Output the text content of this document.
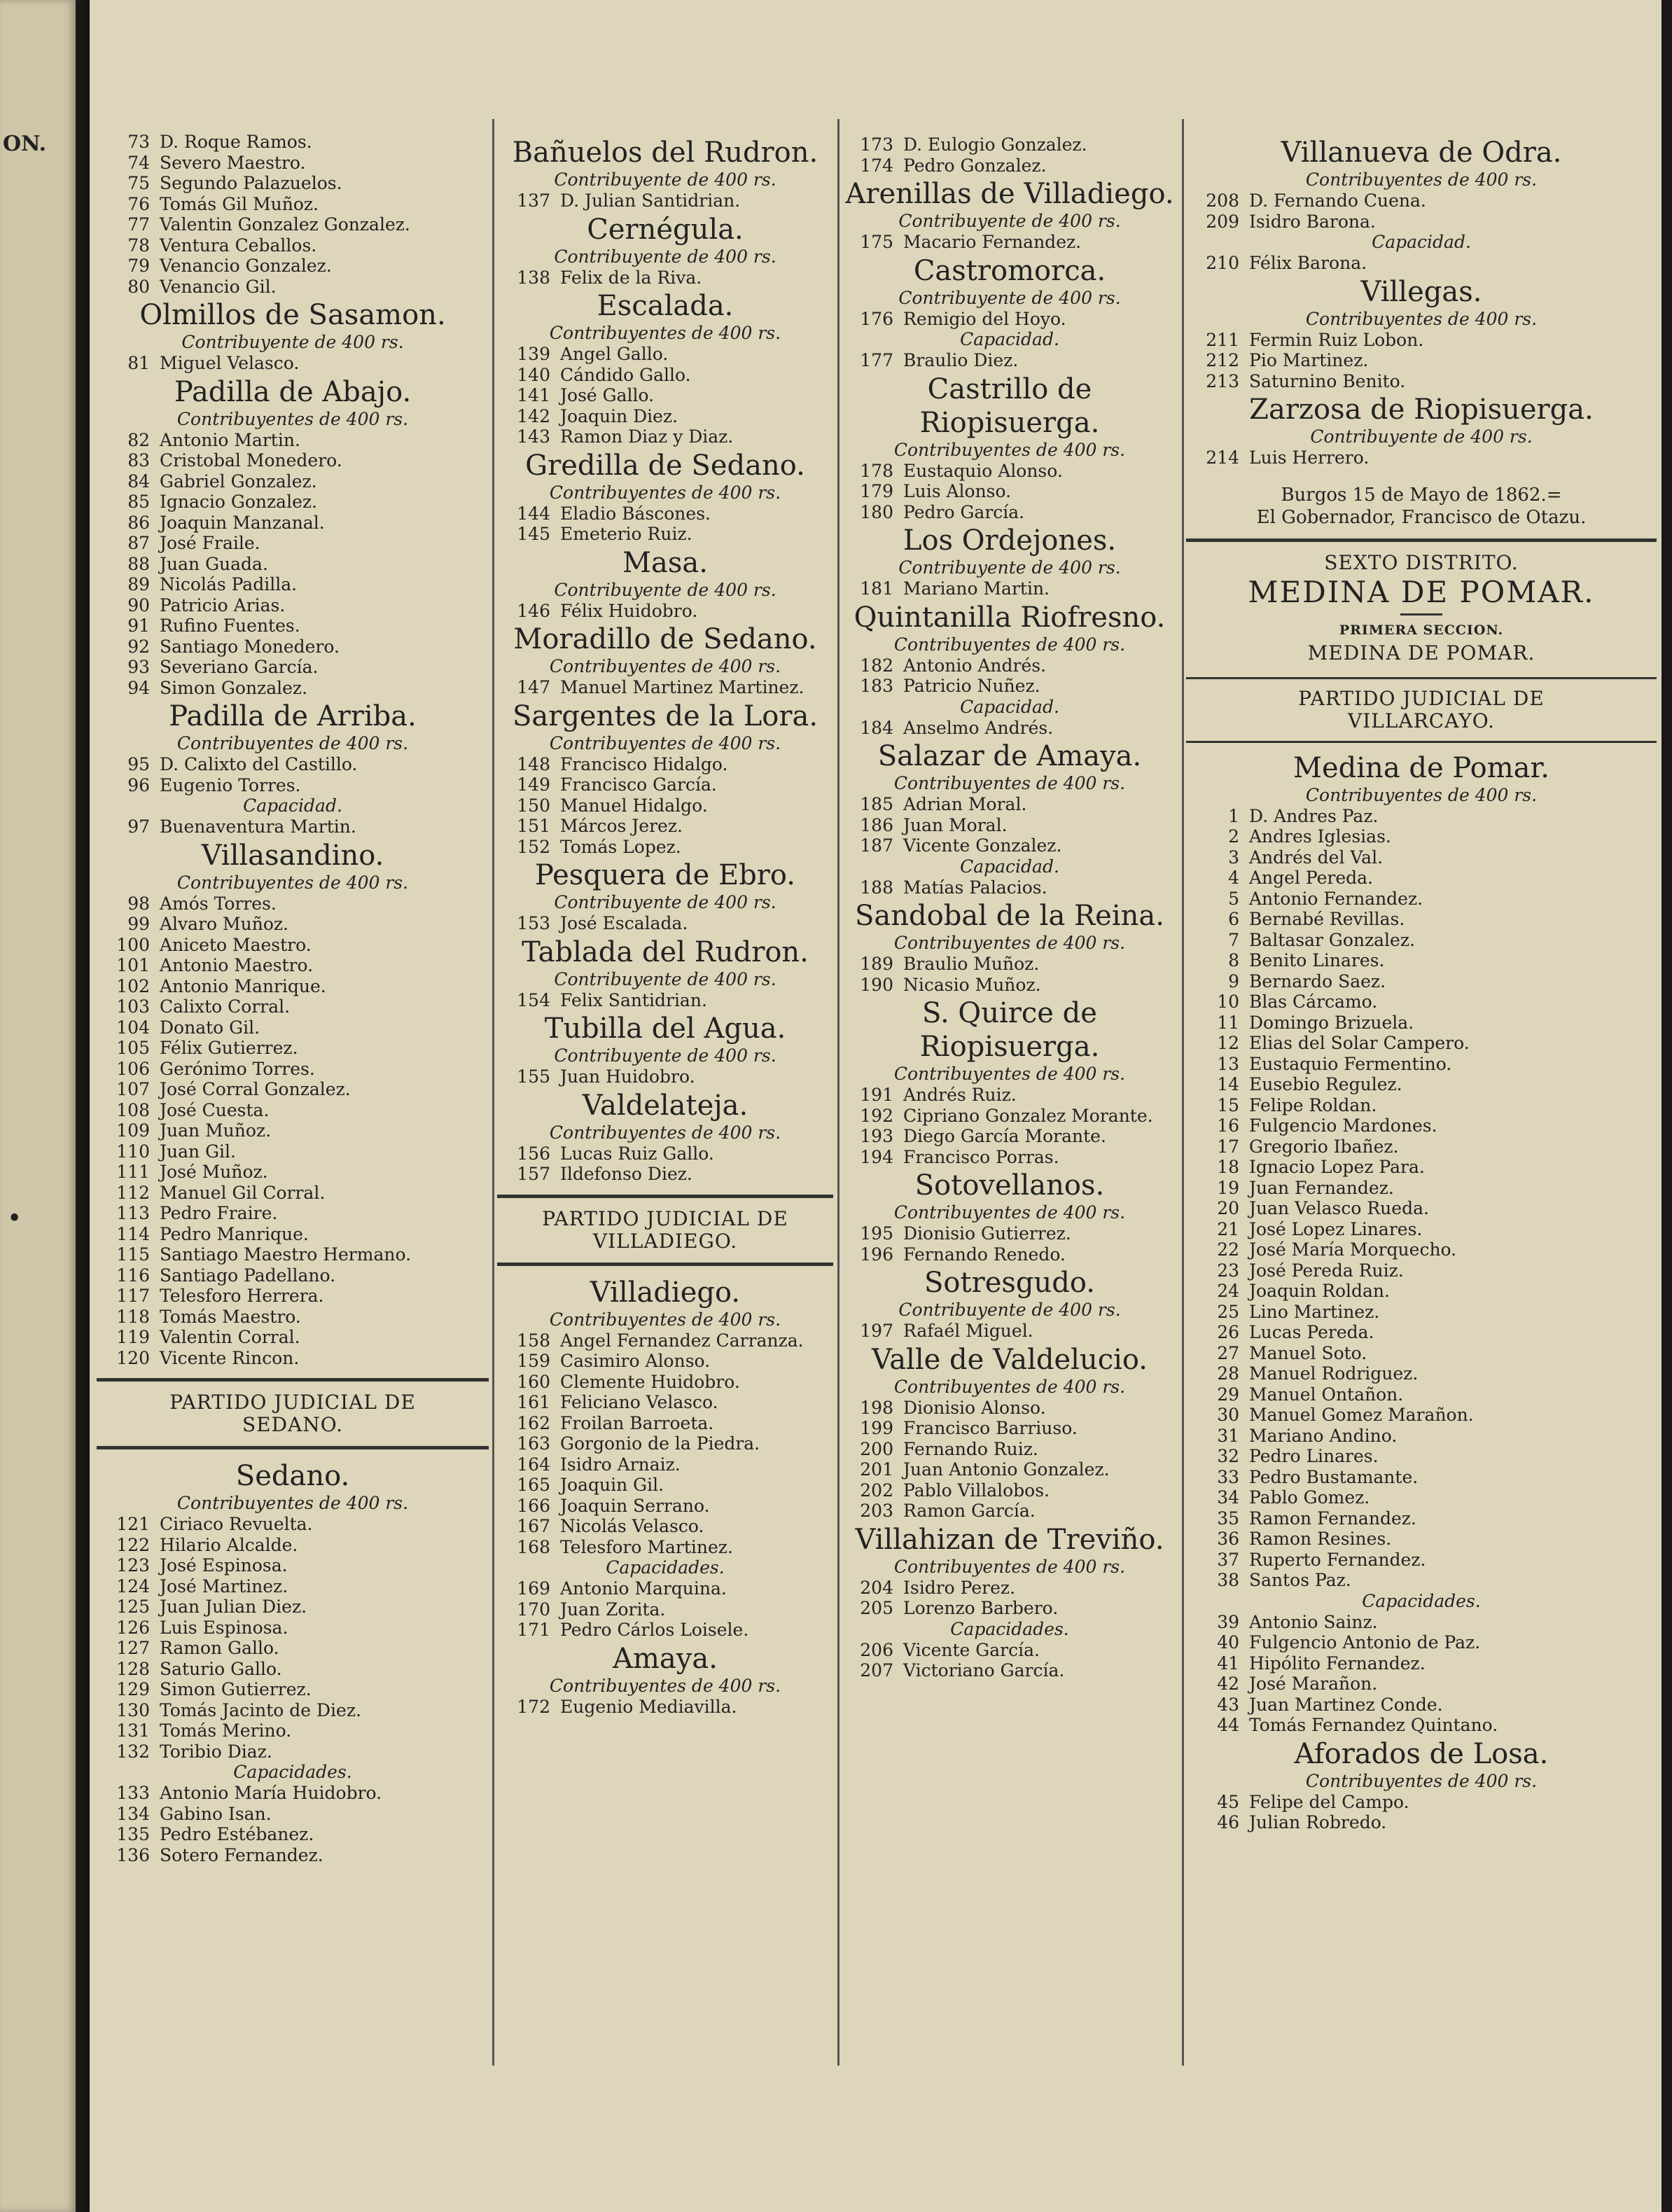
ON.
•
73 D. Roque Ramos.
74 Severo Maestro.
75 Segundo Palazuelos.
76 Tomás Gil Muñoz.
77 Valentin Gonzalez Gonzalez.
78 Ventura Ceballos.
79 Venancio Gonzalez.
80 Venancio Gil.
Olmillos de Sasamon.
Contribuyente de 400 rs.
81 Miguel Velasco.
Padilla de Abajo.
Contribuyentes de 400 rs.
82 Antonio Martin.
83 Cristobal Monedero.
84 Gabriel Gonzalez.
85 Ignacio Gonzalez.
86 Joaquin Manzanal.
87 José Fraile.
88 Juan Guada.
89 Nicolás Padilla.
90 Patricio Arias.
91 Rufino Fuentes.
92 Santiago Monedero.
93 Severiano García.
94 Simon Gonzalez.
Padilla de Arriba.
Contribuyentes de 400 rs.
95 D. Calixto del Castillo.
96 Eugenio Torres.
Capacidad.
97 Buenaventura Martin.
Villasandino.
Contribuyentes de 400 rs.
98 Amós Torres.
99 Alvaro Muñoz.
100 Aniceto Maestro.
101 Antonio Maestro.
102 Antonio Manrique.
103 Calixto Corral.
104 Donato Gil.
105 Félix Gutierrez.
106 Gerónimo Torres.
107 José Corral Gonzalez.
108 José Cuesta.
109 Juan Muñoz.
110 Juan Gil.
111 José Muñoz.
112 Manuel Gil Corral.
113 Pedro Fraire.
114 Pedro Manrique.
115 Santiago Maestro Hermano.
116 Santiago Padellano.
117 Telesforo Herrera.
118 Tomás Maestro.
119 Valentin Corral.
120 Vicente Rincon.
PARTIDO JUDICIAL DE
SEDANO.
Sedano.
Contribuyentes de 400 rs.
121 Ciriaco Revuelta.
122 Hilario Alcalde.
123 José Espinosa.
124 José Martinez.
125 Juan Julian Diez.
126 Luis Espinosa.
127 Ramon Gallo.
128 Saturio Gallo.
129 Simon Gutierrez.
130 Tomás Jacinto de Diez.
131 Tomás Merino.
132 Toribio Diaz.
Capacidades.
133 Antonio María Huidobro.
134 Gabino Isan.
135 Pedro Estébanez.
136 Sotero Fernandez.
Bañuelos del Rudron.
Contribuyente de 400 rs.
137 D. Julian Santidrian.
Cernégula.
Contribuyente de 400 rs.
138 Felix de la Riva.
Escalada.
Contribuyentes de 400 rs.
139 Angel Gallo.
140 Cándido Gallo.
141 José Gallo.
142 Joaquin Diez.
143 Ramon Diaz y Diaz.
Gredilla de Sedano.
Contribuyentes de 400 rs.
144 Eladio Báscones.
145 Emeterio Ruiz.
Masa.
Contribuyente de 400 rs.
146 Félix Huidobro.
Moradillo de Sedano.
Contribuyentes de 400 rs.
147 Manuel Martinez Martinez.
Sargentes de la Lora.
Contribuyentes de 400 rs.
148 Francisco Hidalgo.
149 Francisco García.
150 Manuel Hidalgo.
151 Márcos Jerez.
152 Tomás Lopez.
Pesquera de Ebro.
Contribuyente de 400 rs.
153 José Escalada.
Tablada del Rudron.
Contribuyente de 400 rs.
154 Felix Santidrian.
Tubilla del Agua.
Contribuyente de 400 rs.
155 Juan Huidobro.
Valdelateja.
Contribuyentes de 400 rs.
156 Lucas Ruiz Gallo.
157 Ildefonso Diez.
PARTIDO JUDICIAL DE
VILLADIEGO.
Villadiego.
Contribuyentes de 400 rs.
158 Angel Fernandez Carranza.
159 Casimiro Alonso.
160 Clemente Huidobro.
161 Feliciano Velasco.
162 Froilan Barroeta.
163 Gorgonio de la Piedra.
164 Isidro Arnaiz.
165 Joaquin Gil.
166 Joaquin Serrano.
167 Nicolás Velasco.
168 Telesforo Martinez.
Capacidades.
169 Antonio Marquina.
170 Juan Zorita.
171 Pedro Cárlos Loisele.
Amaya.
Contribuyentes de 400 rs.
172 Eugenio Mediavilla.
173 D. Eulogio Gonzalez.
174 Pedro Gonzalez.
Arenillas de Villadiego.
Contribuyente de 400 rs.
175 Macario Fernandez.
Castromorca.
Contribuyente de 400 rs.
176 Remigio del Hoyo.
Capacidad.
177 Braulio Diez.
Castrillo de Riopisuerga.
Contribuyentes de 400 rs.
178 Eustaquio Alonso.
179 Luis Alonso.
180 Pedro García.
Los Ordejones.
Contribuyente de 400 rs.
181 Mariano Martin.
Quintanilla Riofresno.
Contribuyentes de 400 rs.
182 Antonio Andrés.
183 Patricio Nuñez.
Capacidad.
184 Anselmo Andrés.
Salazar de Amaya.
Contribuyentes de 400 rs.
185 Adrian Moral.
186 Juan Moral.
187 Vicente Gonzalez.
Capacidad.
188 Matías Palacios.
Sandobal de la Reina.
Contribuyentes de 400 rs.
189 Braulio Muñoz.
190 Nicasio Muñoz.
S. Quirce de Riopisuerga.
Contribuyentes de 400 rs.
191 Andrés Ruiz.
192 Cipriano Gonzalez Morante.
193 Diego García Morante.
194 Francisco Porras.
Sotovellanos.
Contribuyentes de 400 rs.
195 Dionisio Gutierrez.
196 Fernando Renedo.
Sotresgudo.
Contribuyente de 400 rs.
197 Rafaél Miguel.
Valle de Valdelucio.
Contribuyentes de 400 rs.
198 Dionisio Alonso.
199 Francisco Barriuso.
200 Fernando Ruiz.
201 Juan Antonio Gonzalez.
202 Pablo Villalobos.
203 Ramon García.
Villahizan de Treviño.
Contribuyentes de 400 rs.
204 Isidro Perez.
205 Lorenzo Barbero.
Capacidades.
206 Vicente García.
207 Victoriano García.
Villanueva de Odra.
Contribuyentes de 400 rs.
208 D. Fernando Cuena.
209 Isidro Barona.
Capacidad.
210 Félix Barona.
Villegas.
Contribuyentes de 400 rs.
211 Fermin Ruiz Lobon.
212 Pio Martinez.
213 Saturnino Benito.
Zarzosa de Riopisuerga.
Contribuyente de 400 rs.
214 Luis Herrero.
Burgos 15 de Mayo de 1862.=
El Gobernador, Francisco de Otazu.
SEXTO DISTRITO.
MEDINA DE POMAR.
PRIMERA SECCION.
MEDINA DE POMAR.
PARTIDO JUDICIAL DE
VILLARCAYO.
Medina de Pomar.
Contribuyentes de 400 rs.
1 D. Andres Paz.
2 Andres Iglesias.
3 Andrés del Val.
4 Angel Pereda.
5 Antonio Fernandez.
6 Bernabé Revillas.
7 Baltasar Gonzalez.
8 Benito Linares.
9 Bernardo Saez.
10 Blas Cárcamo.
11 Domingo Brizuela.
12 Elias del Solar Campero.
13 Eustaquio Fermentino.
14 Eusebio Regulez.
15 Felipe Roldan.
16 Fulgencio Mardones.
17 Gregorio Ibañez.
18 Ignacio Lopez Para.
19 Juan Fernandez.
20 Juan Velasco Rueda.
21 José Lopez Linares.
22 José María Morquecho.
23 José Pereda Ruiz.
24 Joaquin Roldan.
25 Lino Martinez.
26 Lucas Pereda.
27 Manuel Soto.
28 Manuel Rodriguez.
29 Manuel Ontañon.
30 Manuel Gomez Marañon.
31 Mariano Andino.
32 Pedro Linares.
33 Pedro Bustamante.
34 Pablo Gomez.
35 Ramon Fernandez.
36 Ramon Resines.
37 Ruperto Fernandez.
38 Santos Paz.
Capacidades.
39 Antonio Sainz.
40 Fulgencio Antonio de Paz.
41 Hipólito Fernandez.
42 José Marañon.
43 Juan Martinez Conde.
44 Tomás Fernandez Quintano.
Aforados de Losa.
Contribuyentes de 400 rs.
45 Felipe del Campo.
46 Julian Robredo.
